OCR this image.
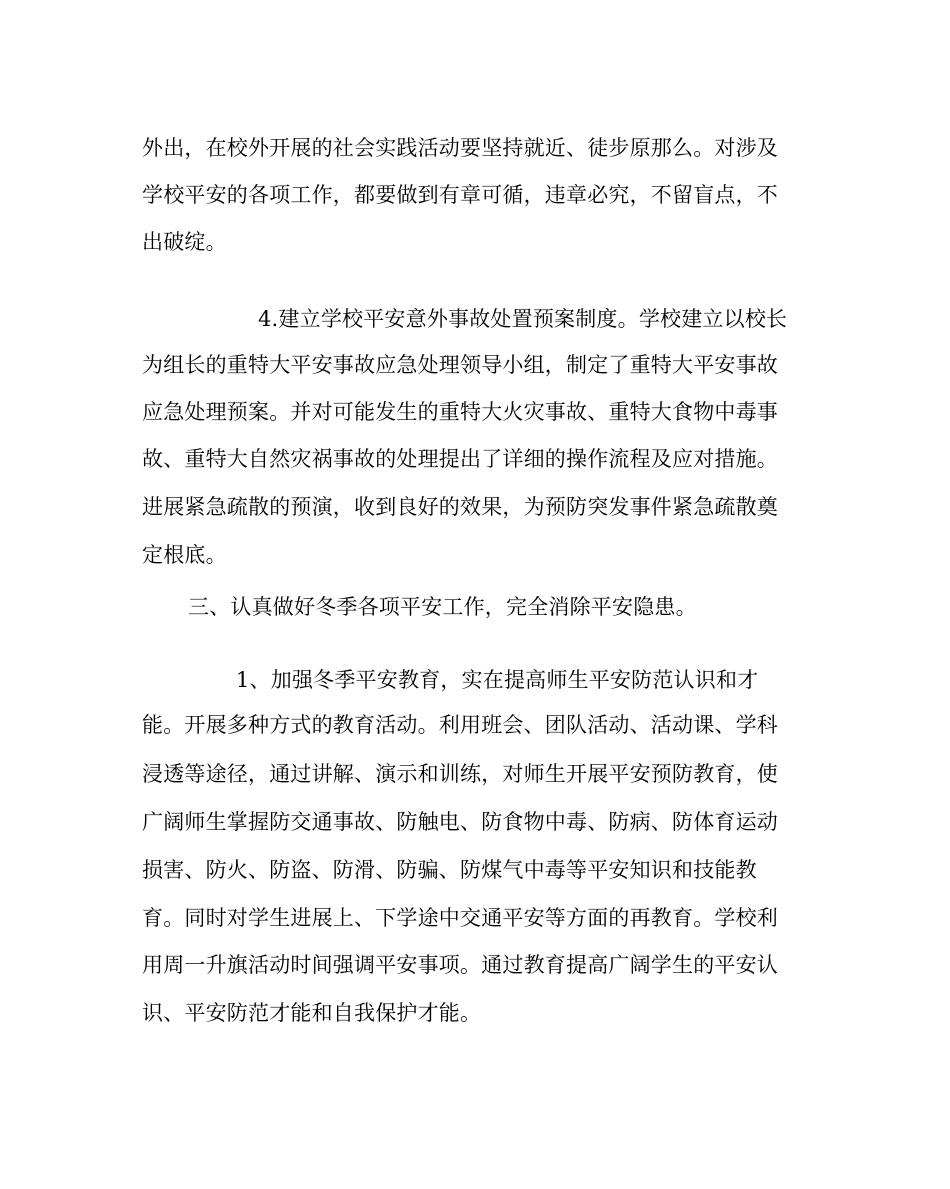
外出，在校外开展的社会实践活动要坚持就近、徒步原那么。对涉及
学校平安的各项工作，都要做到有章可循，违章必究，不留盲点，不
出破绽。
4.建立学校平安意外事故处置预案制度。学校建立以校长
为组长的重特大平安事故应急处理领导小组，制定了重特大平安事故
应急处理预案。并对可能发生的重特大火灾事故、重特大食物中毒事
故、重特大自然灾祸事故的处理提出了详细的操作流程及应对措施。
进展紧急疏散的预演，收到良好的效果，为预防突发事件紧急疏散奠
定根底。
三、认真做好冬季各项平安工作，完全消除平安隐患。
1、加强冬季平安教育，实在提高师生平安防范认识和才
能。开展多种方式的教育活动。利用班会、团队活动、活动课、学科
浸透等途径，通过讲解、演示和训练，对师生开展平安预防教育，使
广阔师生掌握防交通事故、防触电、防食物中毒、防病、防体育运动
损害、防火、防盗、防滑、防骗、防煤气中毒等平安知识和技能教
育。同时对学生进展上、下学途中交通平安等方面的再教育。学校利
用周一升旗活动时间强调平安事项。通过教育提高广阔学生的平安认
识、平安防范才能和自我保护才能。
